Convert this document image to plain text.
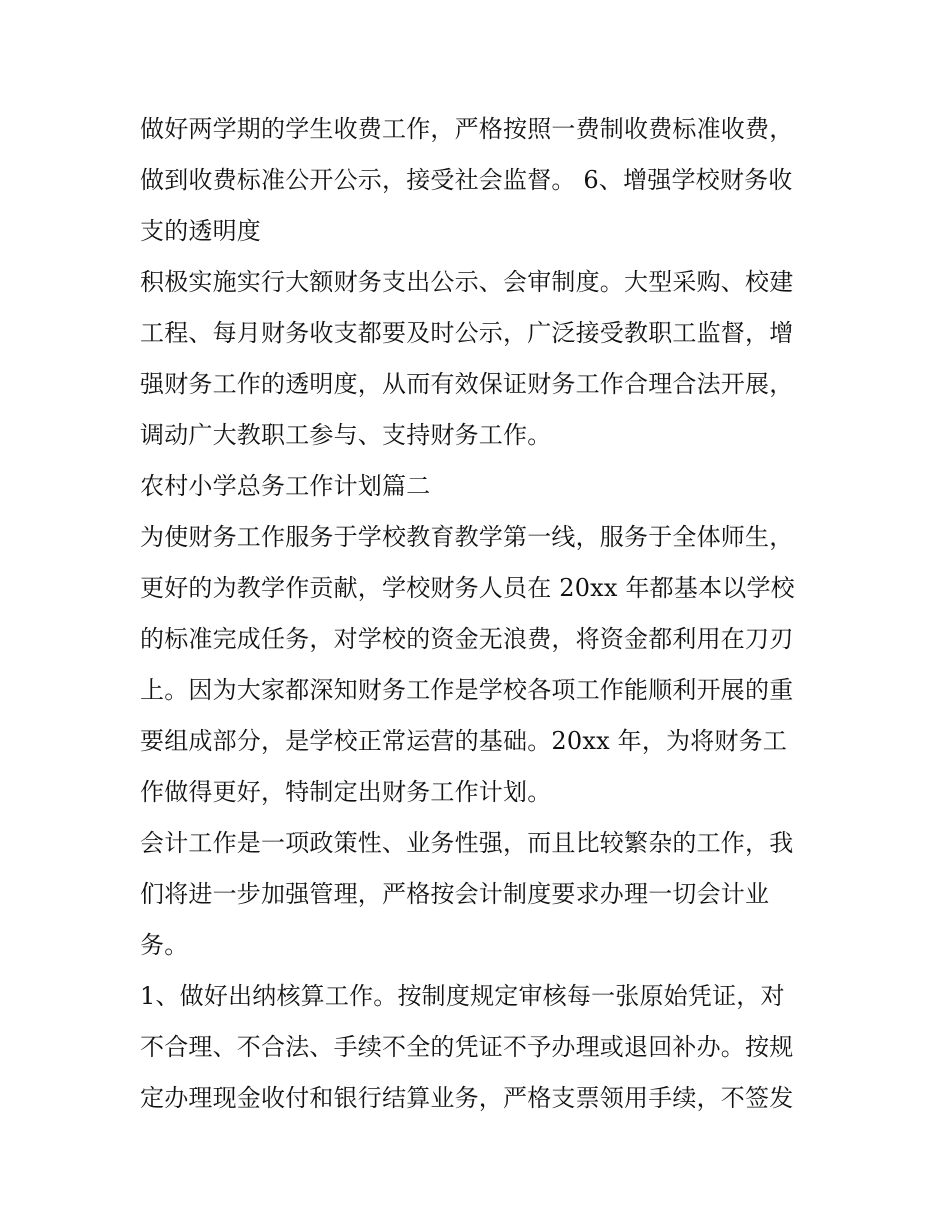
做好两学期的学生收费工作，严格按照一费制收费标准收费，
做到收费标准公开公示，接受社会监督。 6、增强学校财务收
支的透明度
积极实施实行大额财务支出公示、会审制度。大型采购、校建
工程、每月财务收支都要及时公示，广泛接受教职工监督，增
强财务工作的透明度，从而有效保证财务工作合理合法开展，
调动广大教职工参与、支持财务工作。
农村小学总务工作计划篇二
为使财务工作服务于学校教育教学第一线，服务于全体师生，
更好的为教学作贡献，学校财务人员在 20xx 年都基本以学校
的标准完成任务，对学校的资金无浪费，将资金都利用在刀刃
上。因为大家都深知财务工作是学校各项工作能顺利开展的重
要组成部分，是学校正常运营的基础。20xx 年，为将财务工
作做得更好，特制定出财务工作计划。
会计工作是一项政策性、业务性强，而且比较繁杂的工作，我
们将进一步加强管理，严格按会计制度要求办理一切会计业
务。
1、做好出纳核算工作。按制度规定审核每一张原始凭证，对
不合理、不合法、手续不全的凭证不予办理或退回补办。按规
定办理现金收付和银行结算业务，严格支票领用手续，不签发
